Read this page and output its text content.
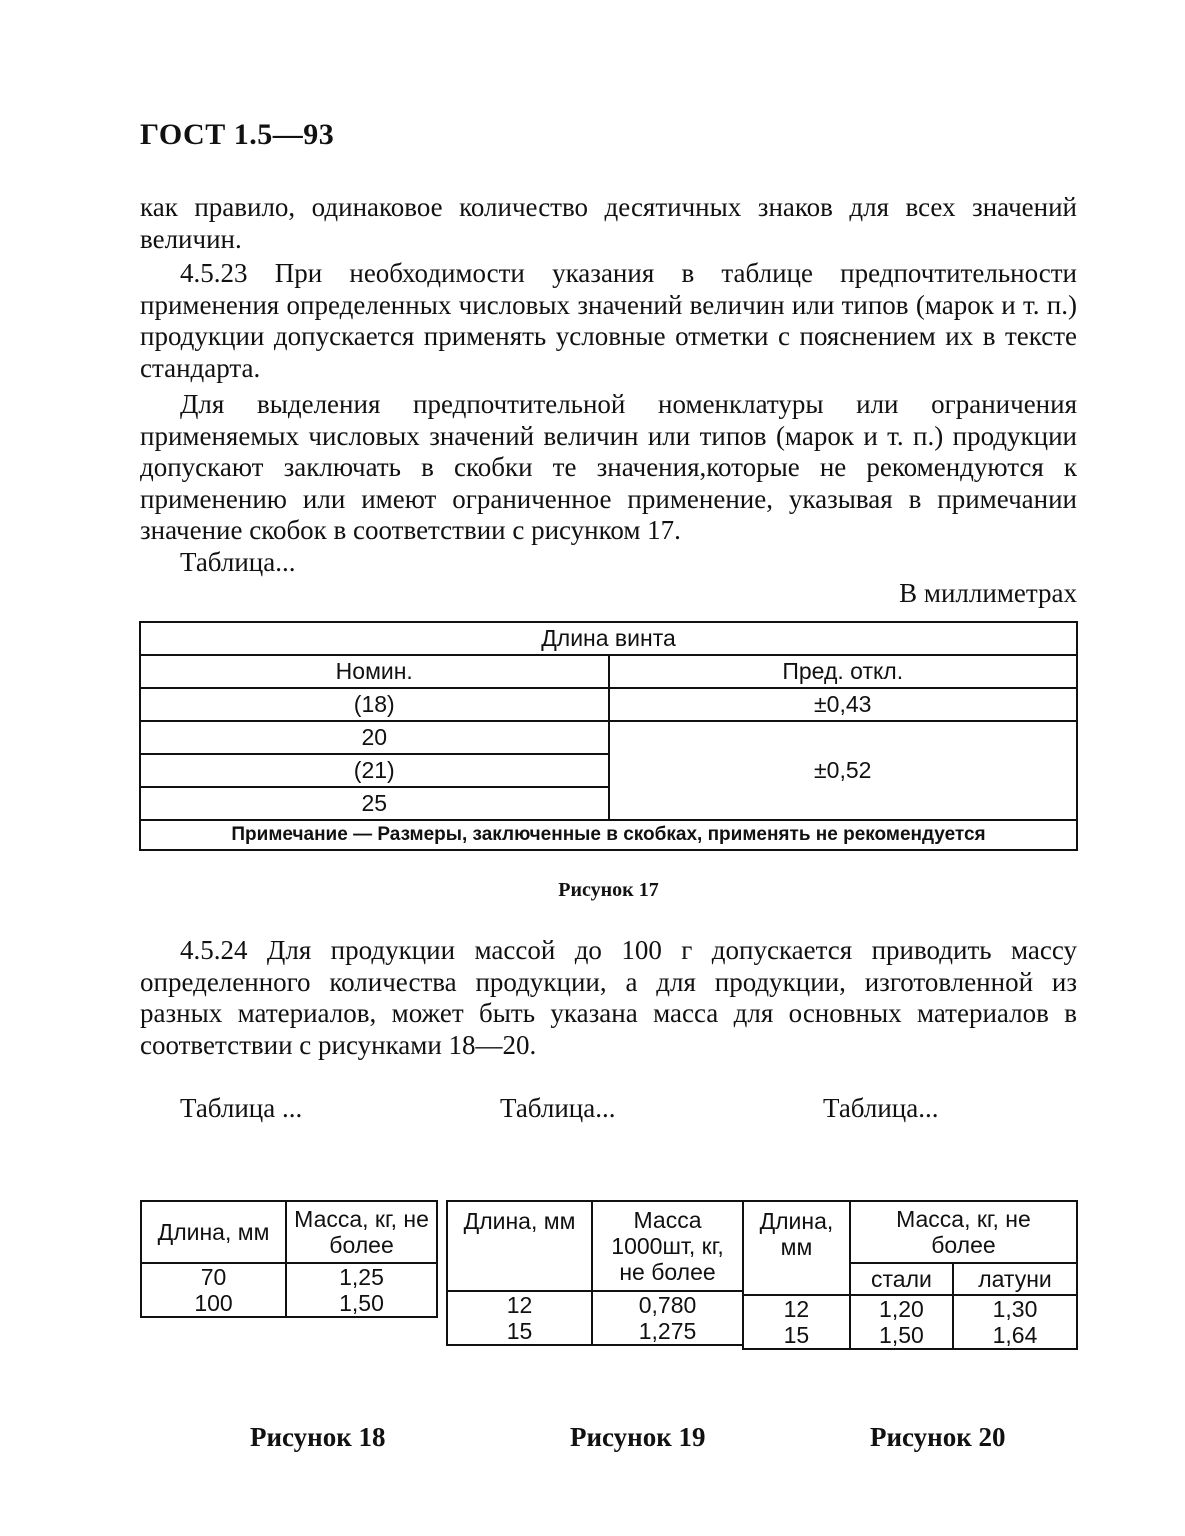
ГОСТ 1.5—93

как правило, одинаковое количество десятичных знаков для всех значений величин.

4.5.23 При необходимости указания в таблице предпочтительности применения определенных числовых значений величин или типов (марок и т. п.) продукции допускается применять условные отметки с пояснением их в тексте стандарта.

Для выделения предпочтительной номенклатуры или ограничения применяемых числовых значений величин или типов (марок и т. п.) продукции допускают заключать в скобки те значения,которые не рекомендуются к применению или имеют ограниченное применение, указывая в примечании значение скобок в соответствии с рисунком 17.

Таблица...

В миллиметрах

Длина винта	
Номин.	Пред. откл.
(18)	±0,43
20	±0,52
(21)	
25	
Примечание — Размеры, заключенные в скобках, применять не рекомендуется	
Рисунок 17

4.5.24 Для продукции массой до 100 г допускается приводить массу определенного количества продукции, а для продукции, изготовленной из разных материалов, может быть указана масса для основных материалов в соответствии с рисунками 18—20.

Таблица ...	Таблица...	Таблица...
Длина, мм	Масса, кг, не более
70	1,25
100	1,50
Длина, мм	Масса 1000шт, кг, не более
12	0,780
15	1,275
Длина, мм	Масса, кг, не более	
	стали	латуни
12	1,20	1,30
15	1,50	1,64
Рисунок 18	Рисунок 19	Рисунок 20
